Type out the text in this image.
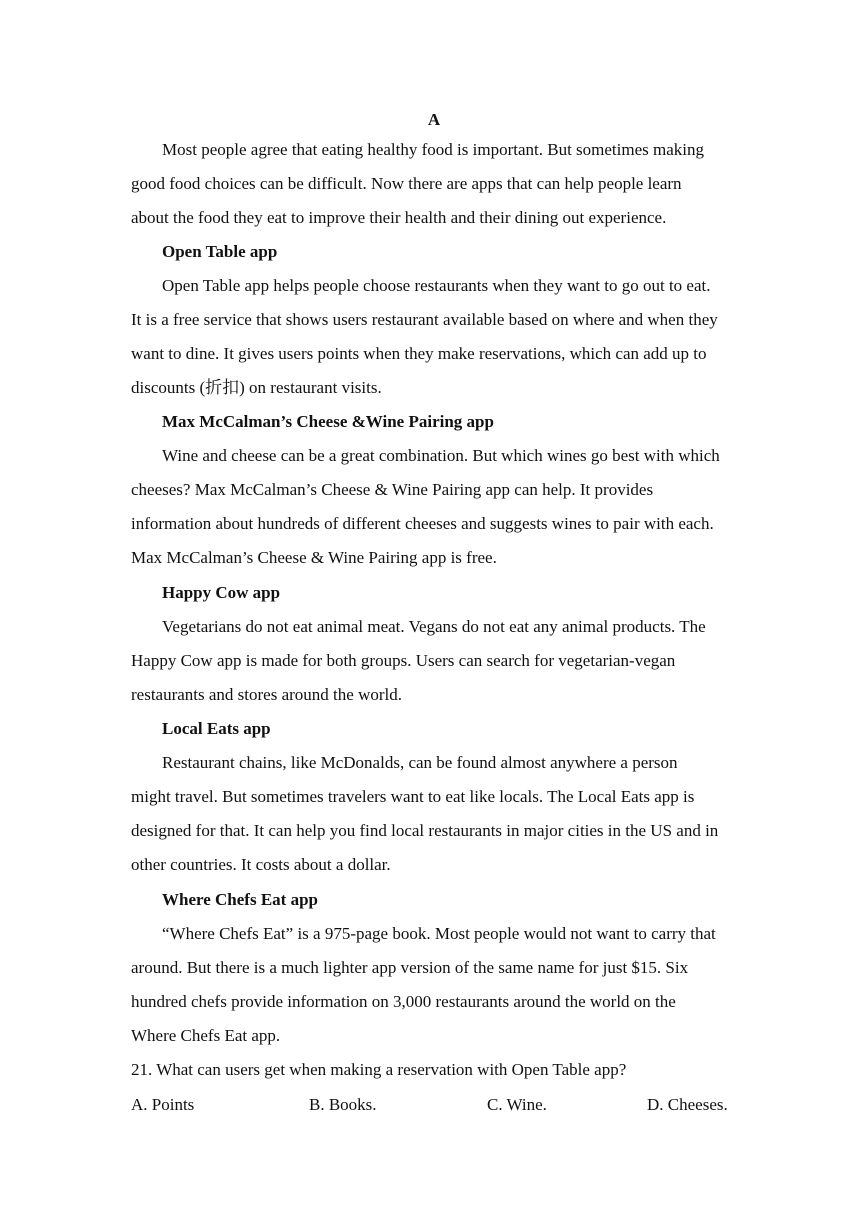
A
Most people agree that eating healthy food is important. But sometimes making
good food choices can be difficult. Now there are apps that can help people learn
about the food they eat to improve their health and their dining out experience.
Open Table app
Open Table app helps people choose restaurants when they want to go out to eat.
It is a free service that shows users restaurant available based on where and when they
want to dine. It gives users points when they make reservations, which can add up to
discounts (折扣) on restaurant visits.
Max McCalman’s Cheese &Wine Pairing app
Wine and cheese can be a great combination. But which wines go best with which
cheeses? Max McCalman’s Cheese & Wine Pairing app can help. It provides
information about hundreds of different cheeses and suggests wines to pair with each.
Max McCalman’s Cheese & Wine Pairing app is free.
Happy Cow app
Vegetarians do not eat animal meat. Vegans do not eat any animal products. The
Happy Cow app is made for both groups. Users can search for vegetarian-vegan
restaurants and stores around the world.
Local Eats app
Restaurant chains, like McDonalds, can be found almost anywhere a person
might travel. But sometimes travelers want to eat like locals. The Local Eats app is
designed for that. It can help you find local restaurants in major cities in the US and in
other countries. It costs about a dollar.
Where Chefs Eat app
“Where Chefs Eat” is a 975-page book. Most people would not want to carry that
around. But there is a much lighter app version of the same name for just $15. Six
hundred chefs provide information on 3,000 restaurants around the world on the
Where Chefs Eat app.
21. What can users get when making a reservation with Open Table app?
A. Points	B. Books.	C. Wine.	D. Cheeses.
